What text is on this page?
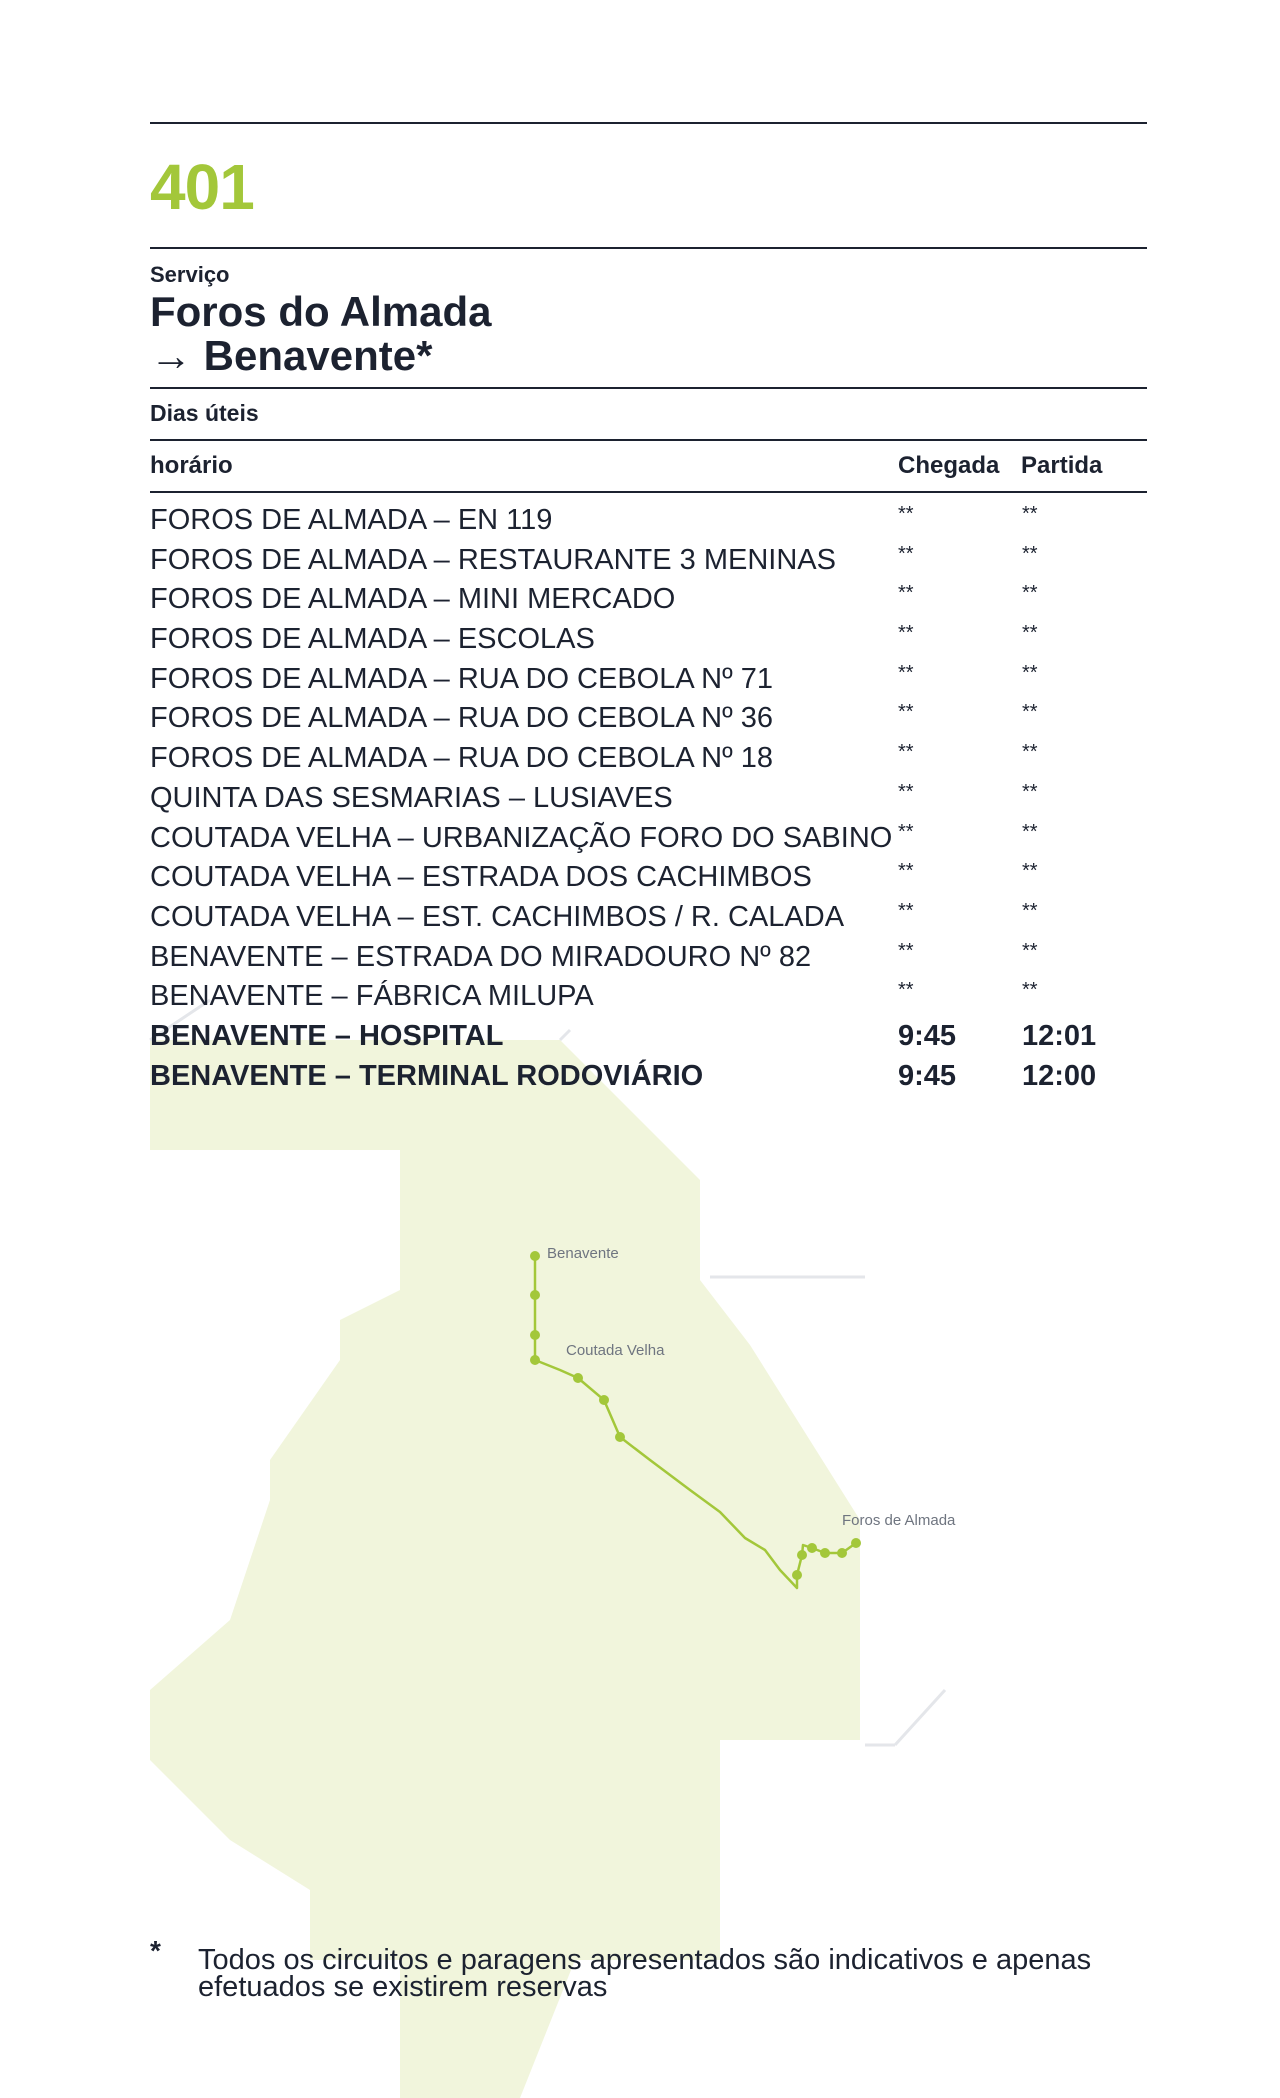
Benavente
Coutada Velha
Foros de Almada
401
Serviço
Foros do Almada
→ Benavente*
Dias úteis
horário	Chegada Partida
FOROS DE ALMADA – EN 119	**	**
FOROS DE ALMADA – RESTAURANTE 3 MENINAS	**	**
FOROS DE ALMADA – MINI MERCADO	**	**
FOROS DE ALMADA – ESCOLAS	**	**
FOROS DE ALMADA – RUA DO CEBOLA Nº 71	**	**
FOROS DE ALMADA – RUA DO CEBOLA Nº 36	**	**
FOROS DE ALMADA – RUA DO CEBOLA Nº 18	**	**
QUINTA DAS SESMARIAS – LUSIAVES	**	**
COUTADA VELHA – URBANIZAÇÃO FORO DO SABINO **	**
COUTADA VELHA – ESTRADA DOS CACHIMBOS	**	**
COUTADA VELHA – EST. CACHIMBOS / R. CALADA	**	**
BENAVENTE – ESTRADA DO MIRADOURO Nº 82	**	**
BENAVENTE – FÁBRICA MILUPA	**	**
BENAVENTE – HOSPITAL	9:45 12:01
BENAVENTE – TERMINAL RODOVIÁRIO	9:45 12:00
* Todos os circuitos e paragens apresentados são indicativos e apenas efetuados se existirem reservas
